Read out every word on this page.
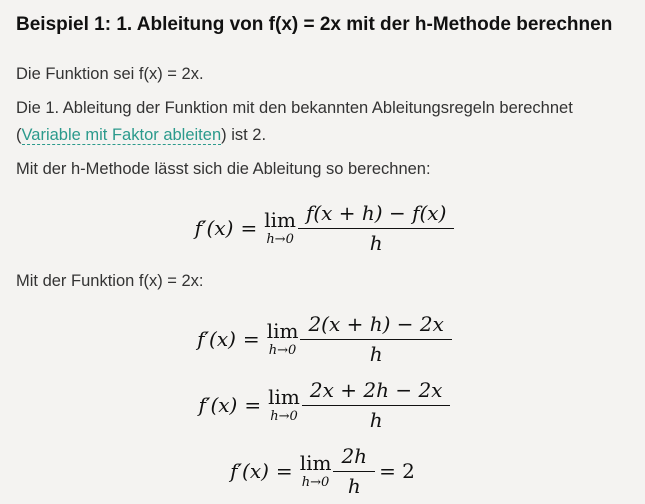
Beispiel 1: 1. Ableitung von f(x) = 2x mit der h-Methode berechnen

Die Funktion sei f(x) = 2x.

Die 1. Ableitung der Funktion mit den bekannten Ableitungsregeln berechnet
(Variable mit Faktor ableiten) ist 2.

Mit der h-Methode lässt sich die Ableitung so berechnen:

f′(x) = lim
$h\to 0 \frac{f(x + h) - f(x)}{h}$

Mit der Funktion f(x) = 2x:

f′(x) = lim
$h\to 0 \frac{2(x + h) - 2x}{h}$
f′(x) = lim
$h\to 0 \frac{2x + 2h - 2x}{h}$
f′(x) = lim
$h\to 0 \frac{2h}{h} = 2$
